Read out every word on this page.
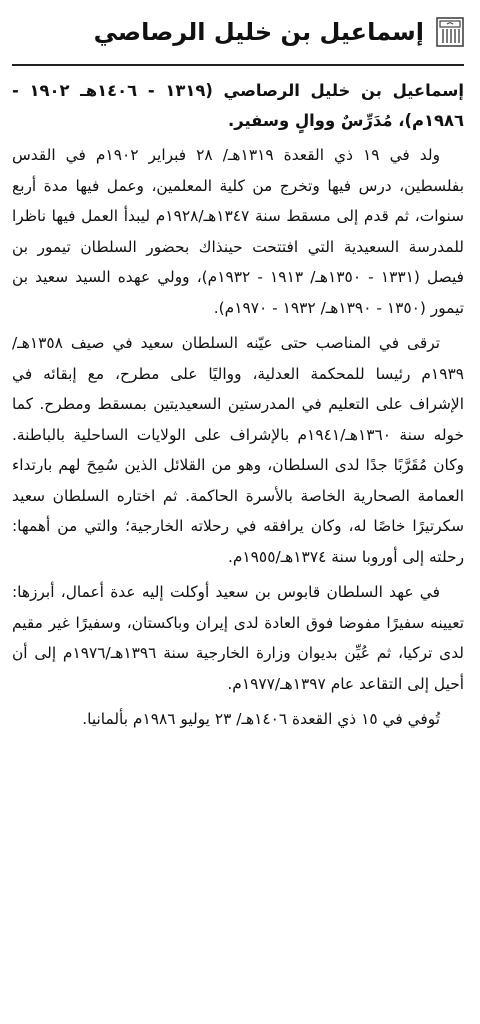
إسماعيل بن خليل الرصاصي

إسماعيل بن خليل الرصاصي (١٣١٩ - ١٤٠٦هـ ١٩٠٢ - ١٩٨٦م)، مُدَرِّسٌ ووالٍ وسفير.

ولد في ١٩ ذي القعدة ١٣١٩هـ/ ٢٨ فبراير ١٩٠٢م في القدس بفلسطين، درس فيها وتخرج من كلية المعلمين، وعمل فيها مدة أربع سنوات، ثم قدم إلى مسقط سنة ١٣٤٧هـ/١٩٢٨م ليبدأ العمل فيها ناظرا للمدرسة السعيدية التي افتتحت حينذاك بحضور السلطان تيمور بن فيصل (١٣٣١ - ١٣٥٠هـ/ ١٩١٣ - ١٩٣٢م)، وولي عهده السيد سعيد بن تيمور (١٣٥٠ - ١٣٩٠هـ/ ١٩٣٢ - ١٩٧٠م).

ترقى في المناصب حتى عيّنه السلطان سعيد في صيف ١٣٥٨هـ/١٩٣٩م رئيسا للمحكمة العدلية، وواليًا على مطرح، مع إبقائه في الإشراف على التعليم في المدرستين السعيديتين بمسقط ومطرح. كما خوله سنة ١٣٦٠هـ/١٩٤١م بالإشراف على الولايات الساحلية بالباطنة. وكان مُقَرَّبًا جدًا لدى السلطان، وهو من القلائل الذين سُمِحَ لهم بارتداء العمامة الصحارية الخاصة بالأسرة الحاكمة. ثم اختاره السلطان سعيد سكرتيرًا خاصًا له، وكان يرافقه في رحلاته الخارجية؛ والتي من أهمها: رحلته إلى أوروبا سنة ١٣٧٤هـ/١٩٥٥م.

في عهد السلطان قابوس بن سعيد أوكلت إليه عدة أعمال، أبرزها: تعيينه سفيرًا مفوضا فوق العادة لدى إيران وباكستان، وسفيرًا غير مقيم لدى تركيا، ثم عُيِّن بديوان وزارة الخارجية سنة ١٣٩٦هـ/١٩٧٦م إلى أن أحيل إلى التقاعد عام ١٣٩٧هـ/١٩٧٧م.

تُوفي في ١٥ ذي القعدة ١٤٠٦هـ/ ٢٣ يوليو ١٩٨٦م بألمانيا.
